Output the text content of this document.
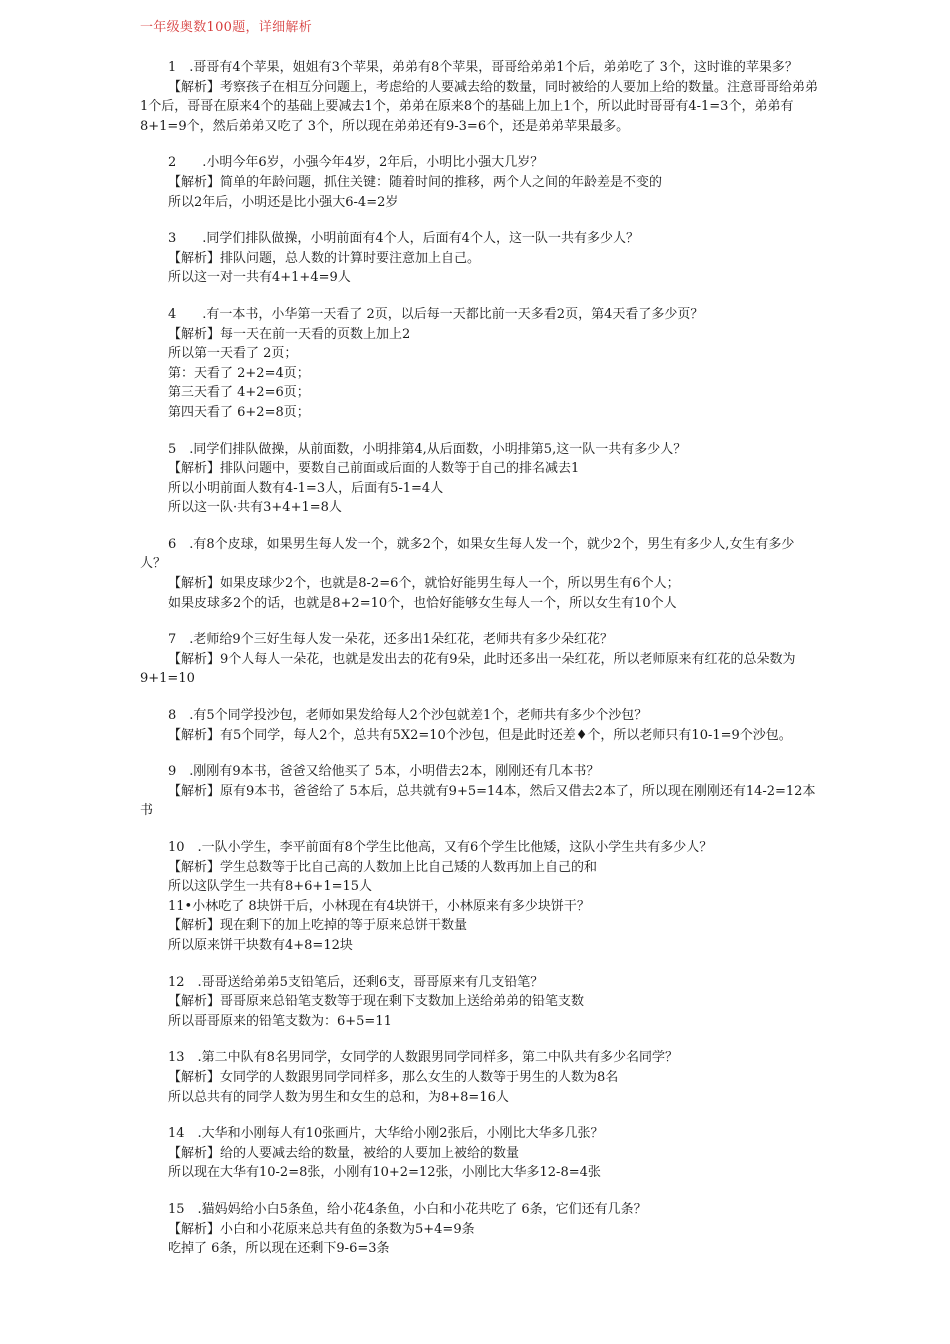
一年级奥数100题，详细解析
1　.哥哥有4个苹果，姐姐有3个苹果，弟弟有8个苹果，哥哥给弟弟1个后，弟弟吃了 3个，这时谁的苹果多？
【解析】考察孩子在相互分问题上，考虑给的人要减去给的数量，同时被给的人要加上给的数量。注意哥哥给弟弟1个后，哥哥在原来4个的基础上要减去1个，弟弟在原来8个的基础上加上1个，所以此时哥哥有4-1=3个，弟弟有8+1=9个，然后弟弟又吃了 3个，所以现在弟弟还有9-3=6个，还是弟弟苹果最多。
2　　.小明今年6岁，小强今年4岁，2年后，小明比小强大几岁？
【解析】简单的年龄问题，抓住关键：随着时间的推移，两个人之间的年龄差是不变的
所以2年后，小明还是比小强大6-4=2岁
3　　.同学们排队做操，小明前面有4个人，后面有4个人，这一队一共有多少人？
【解析】排队问题，总人数的计算时要注意加上自己。
所以这一对一共有4+1+4=9人
4　　.有一本书，小华第一天看了 2页，以后每一天都比前一天多看2页，第4天看了多少页？
【解析】每一天在前一天看的页数上加上2
所以第一天看了 2页；
第：天看了 2+2=4页；
第三天看了 4+2=6页；
第四天看了 6+2=8页；
5　.同学们排队做操，从前面数，小明排第4,从后面数，小明排第5,这一队一共有多少人？
【解析】排队问题中，要数自己前面或后面的人数等于自己的排名减去1
所以小明前面人数有4-1=3人，后面有5-1=4人
所以这一队·共有3+4+1=8人
6　.有8个皮球，如果男生每人发一个，就多2个，如果女生每人发一个，就少2个，男生有多少人,女生有多少人？
【解析】如果皮球少2个，也就是8-2=6个，就恰好能男生每人一个，所以男生有6个人；
如果皮球多2个的话，也就是8+2=10个，也恰好能够女生每人一个，所以女生有10个人
7　.老师给9个三好生每人发一朵花，还多出1朵红花，老师共有多少朵红花？
【解析】9个人每人一朵花，也就是发出去的花有9朵，此时还多出一朵红花，所以老师原来有红花的总朵数为9+1=10
8　.有5个同学投沙包，老师如果发给每人2个沙包就差1个，老师共有多少个沙包？
【解析】有5个同学，每人2个，总共有5X2=10个沙包，但是此时还差♦个，所以老师只有10-1=9个沙包。
9　.刚刚有9本书，爸爸又给他买了 5本，小明借去2本，刚刚还有几本书？
【解析】原有9本书，爸爸给了 5本后，总共就有9+5=14本，然后又借去2本了，所以现在刚刚还有14-2=12本书
10　.一队小学生，李平前面有8个学生比他高，又有6个学生比他矮，这队小学生共有多少人？
【解析】学生总数等于比自己高的人数加上比自己矮的人数再加上自己的和
所以这队学生一共有8+6+1=15人
11•小林吃了 8块饼干后，小林现在有4块饼干，小林原来有多少块饼干？
【解析】现在剩下的加上吃掉的等于原来总饼干数量
所以原来饼干块数有4+8=12块
12　.哥哥送给弟弟5支铅笔后，还剩6支，哥哥原来有几支铅笔？
【解析】哥哥原来总铅笔支数等于现在剩下支数加上送给弟弟的铅笔支数
所以哥哥原来的铅笔支数为：6+5=11
13　.第二中队有8名男同学，女同学的人数跟男同学同样多，第二中队共有多少名同学？
【解析】女同学的人数跟男同学同样多，那么女生的人数等于男生的人数为8名
所以总共有的同学人数为男生和女生的总和，为8+8=16人
14　.大华和小刚每人有10张画片，大华给小刚2张后，小刚比大华多几张？
【解析】给的人要减去给的数量，被给的人要加上被给的数量
所以现在大华有10-2=8张，小刚有10+2=12张，小刚比大华多12-8=4张
15　.猫妈妈给小白5条鱼，给小花4条鱼，小白和小花共吃了 6条，它们还有几条？
【解析】小白和小花原来总共有鱼的条数为5+4=9条
吃掉了 6条，所以现在还剩下9-6=3条
